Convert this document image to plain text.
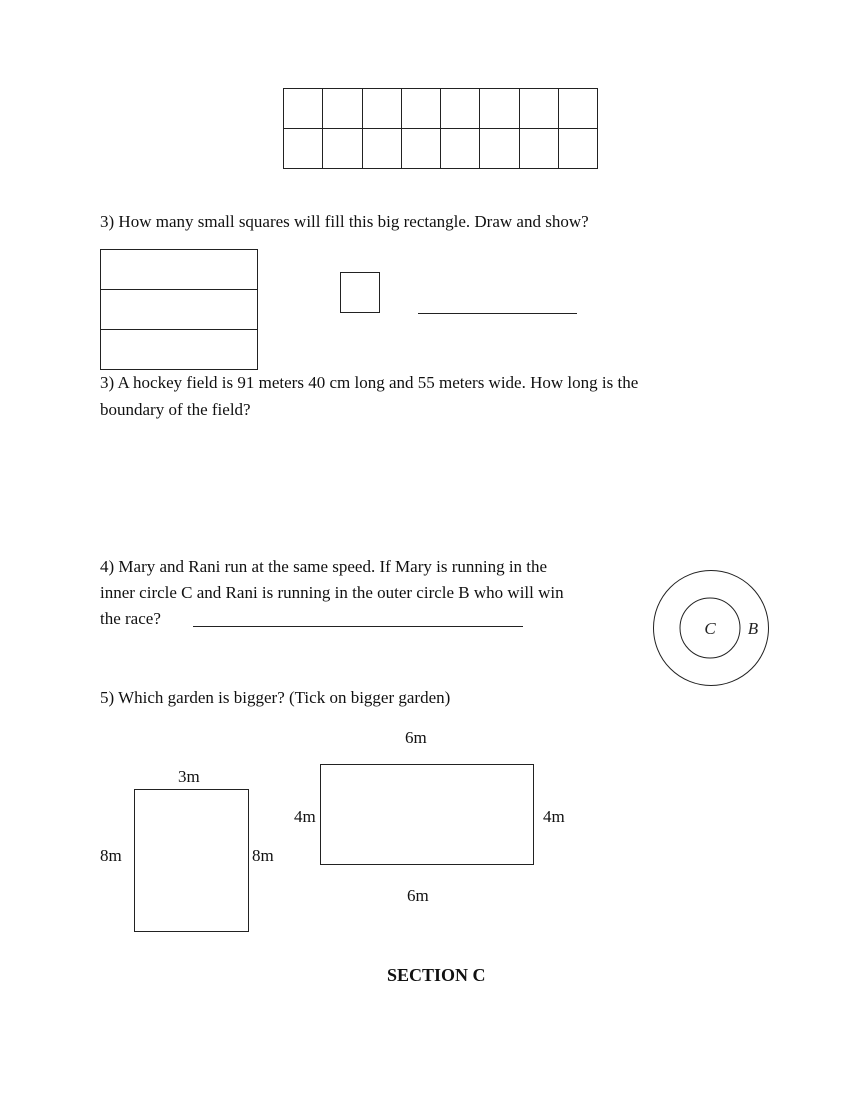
3) How many small squares will fill this big rectangle. Draw and show?
3) A hockey field is 91 meters 40 cm long and 55 meters wide. How long is the
boundary of the field?
4) Mary and Rani run at the same speed. If Mary is running in the
inner circle C and Rani is running in the outer circle B who will win
the race?
C B
5) Which garden is bigger? (Tick on bigger garden)
3m
8m	8m
6m
4m	4m
6m
SECTION C
